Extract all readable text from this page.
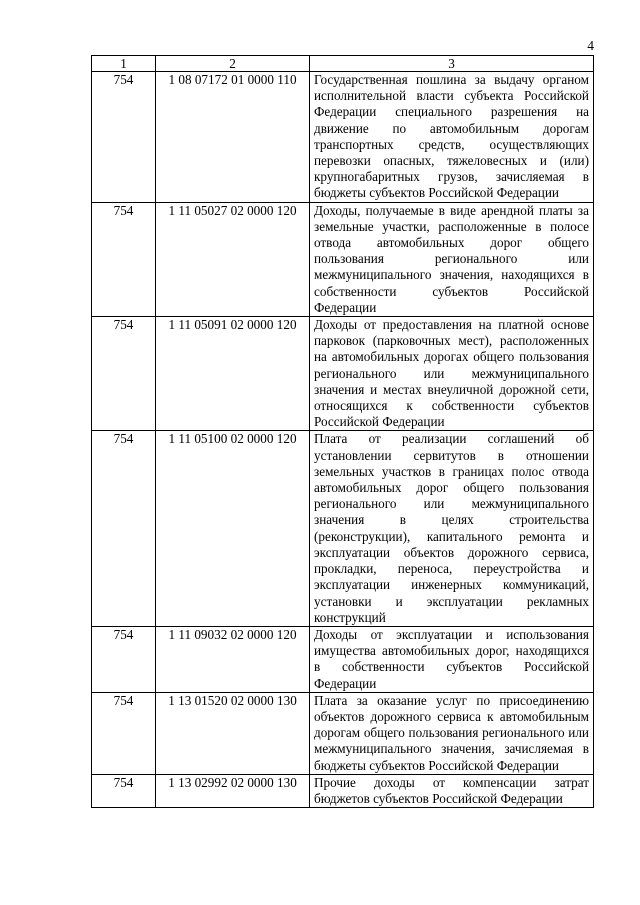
4
1	2	3
754	1 08 07172 01 0000 110	Государственная пошлина за выдачу органом исполнительной власти субъекта Российской Федерации специального разрешения на движение по автомобильным дорогам транспортных средств, осуществляющих перевозки опасных, тяжеловесных и (или) крупногабаритных грузов, зачисляемая в бюджеты субъектов Российской Федерации
754	1 11 05027 02 0000 120	Доходы, получаемые в виде арендной платы за земельные участки, расположенные в полосе отвода автомобильных дорог общего пользования регионального или межмуниципального значения, находящихся в собственности субъектов Российской Федерации
754	1 11 05091 02 0000 120	Доходы от предоставления на платной основе парковок (парковочных мест), расположенных на автомобильных дорогах общего пользования регионального или межмуниципального значения и местах внеуличной дорожной сети, относящихся к собственности субъектов Российской Федерации
754	1 11 05100 02 0000 120	Плата от реализации соглашений об установлении сервитутов в отношении земельных участков в границах полос отвода автомобильных дорог общего пользования регионального или межмуниципального значения в целях строительства (реконструкции), капитального ремонта и эксплуатации объектов дорожного сервиса, прокладки, переноса, переустройства и эксплуатации инженерных коммуникаций, установки и эксплуатации рекламных конструкций
754	1 11 09032 02 0000 120	Доходы от эксплуатации и использования имущества автомобильных дорог, находящихся в собственности субъектов Российской Федерации
754	1 13 01520 02 0000 130	Плата за оказание услуг по присоединению объектов дорожного сервиса к автомобильным дорогам общего пользования регионального или межмуниципального значения, зачисляемая в бюджеты субъектов Российской Федерации
754	1 13 02992 02 0000 130	Прочие доходы от компенсации затрат бюджетов субъектов Российской Федерации
